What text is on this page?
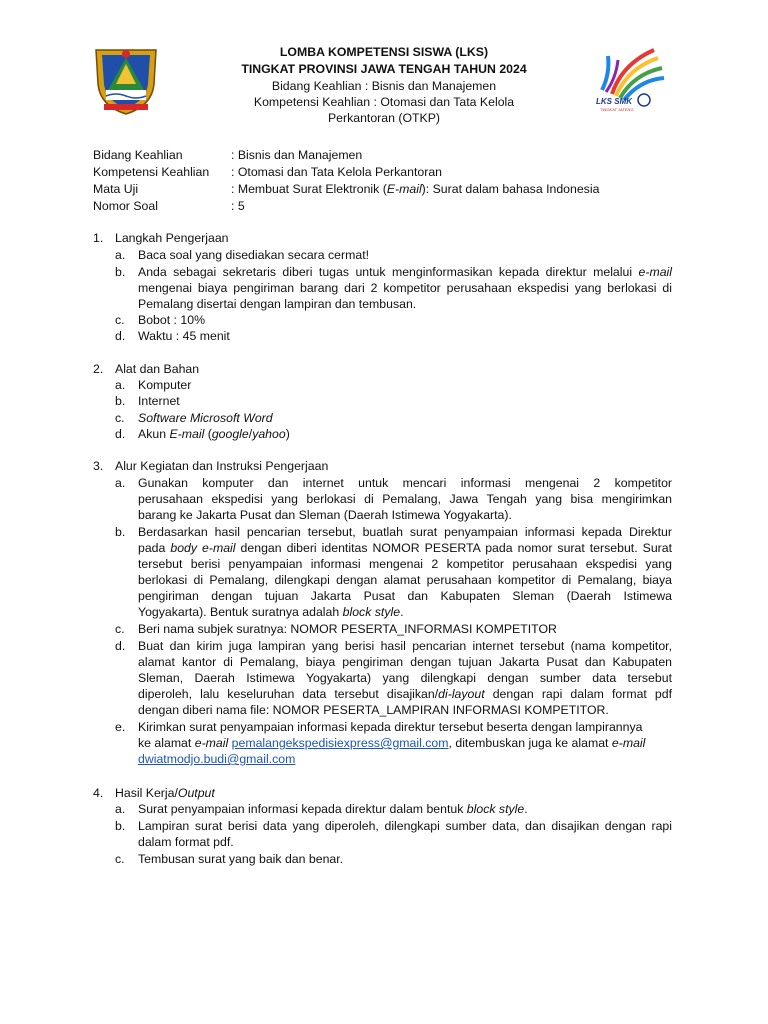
LKS SMK
TINGKAT JATENG
LOMBA KOMPETENSI SISWA (LKS)
TINGKAT PROVINSI JAWA TENGAH TAHUN 2024
Bidang Keahlian : Bisnis dan Manajemen
Kompetensi Keahlian : Otomasi dan Tata Kelola
Perkantoran (OTKP)
Bidang Keahlian	: Bisnis dan Manajemen
Kompetensi Keahlian : Otomasi dan Tata Kelola Perkantoran
Mata Uji	: Membuat Surat Elektronik (E-mail): Surat dalam bahasa Indonesia
Nomor Soal	: 5
1. Langkah Pengerjaan
a. Baca soal yang disediakan secara cermat!
b. Anda sebagai sekretaris diberi tugas untuk menginformasikan kepada direktur melalui e-mail
mengenai biaya pengiriman barang dari 2 kompetitor perusahaan ekspedisi yang berlokasi di
Pemalang disertai dengan lampiran dan tembusan.
c. Bobot : 10%
d. Waktu : 45 menit
2. Alat dan Bahan
a. Komputer
b. Internet
c. Software Microsoft Word
d. Akun E-mail (google/yahoo)
3. Alur Kegiatan dan Instruksi Pengerjaan
a. Gunakan komputer dan internet untuk mencari informasi mengenai 2 kompetitor
perusahaan ekspedisi yang berlokasi di Pemalang, Jawa Tengah yang bisa mengirimkan
barang ke Jakarta Pusat dan Sleman (Daerah Istimewa Yogyakarta).
b. Berdasarkan hasil pencarian tersebut, buatlah surat penyampaian informasi kepada Direktur
pada body e-mail dengan diberi identitas NOMOR PESERTA pada nomor surat tersebut. Surat
tersebut berisi penyampaian informasi mengenai 2 kompetitor perusahaan ekspedisi yang
berlokasi di Pemalang, dilengkapi dengan alamat perusahaan kompetitor di Pemalang, biaya
pengiriman dengan tujuan Jakarta Pusat dan Kabupaten Sleman (Daerah Istimewa
Yogyakarta). Bentuk suratnya adalah block style.
c. Beri nama subjek suratnya: NOMOR PESERTA_INFORMASI KOMPETITOR
d. Buat dan kirim juga lampiran yang berisi hasil pencarian internet tersebut (nama kompetitor,
alamat kantor di Pemalang, biaya pengiriman dengan tujuan Jakarta Pusat dan Kabupaten
Sleman, Daerah Istimewa Yogyakarta) yang dilengkapi dengan sumber data tersebut
diperoleh, lalu keseluruhan data tersebut disajikan/di-layout dengan rapi dalam format pdf
dengan diberi nama file: NOMOR PESERTA_LAMPIRAN INFORMASI KOMPETITOR.
e. Kirimkan surat penyampaian informasi kepada direktur tersebut beserta dengan lampirannya
ke alamat e-mail pemalangekspedisiexpress@gmail.com, ditembuskan juga ke alamat e-mail
dwiatmodjo.budi@gmail.com
4. Hasil Kerja/Output
a. Surat penyampaian informasi kepada direktur dalam bentuk block style.
b. Lampiran surat berisi data yang diperoleh, dilengkapi sumber data, dan disajikan dengan rapi
dalam format pdf.
c. Tembusan surat yang baik dan benar.
